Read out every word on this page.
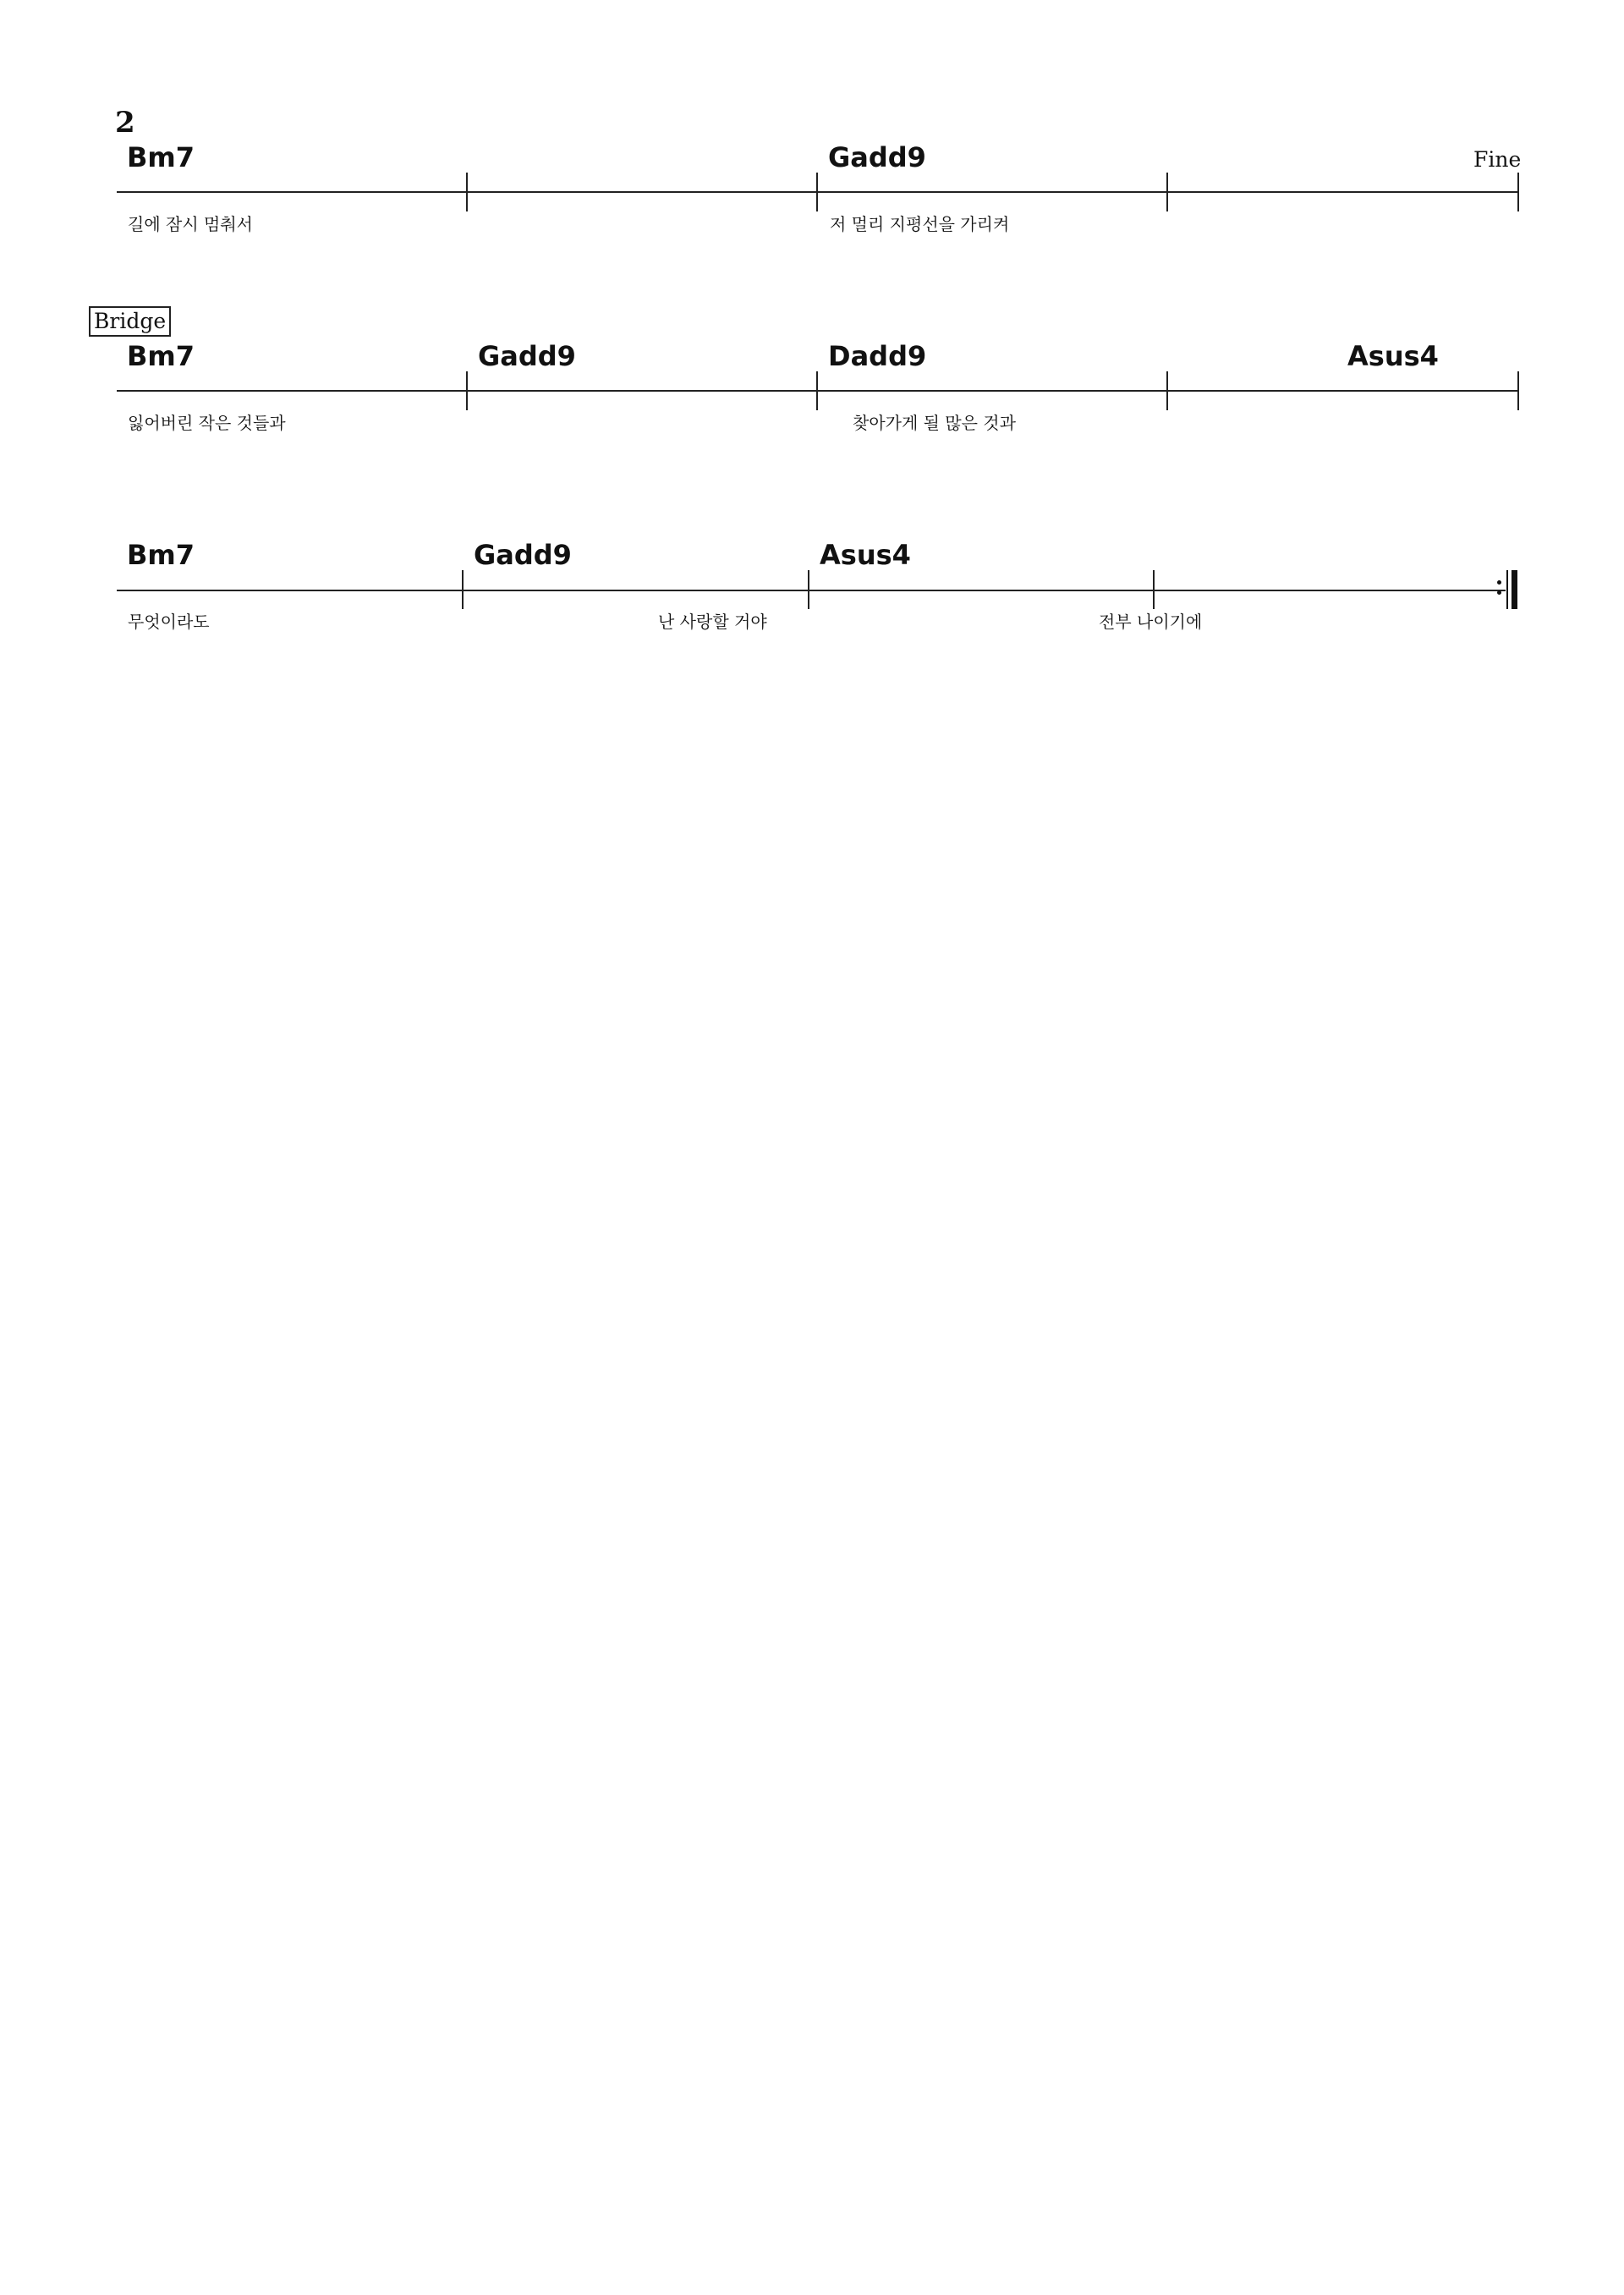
2
Bm7	Gadd9	Fine
길에 잠시 멈춰서	저 멀리 지평선을 가리켜
Bridge
Bm7	Gadd9	Dadd9	Asus4
잃어버린 작은 것들과	찾아가게 될 많은 것과
Bm7	Gadd9	Asus4
무엇이라도	난 사랑할 거야	전부 나이기에
